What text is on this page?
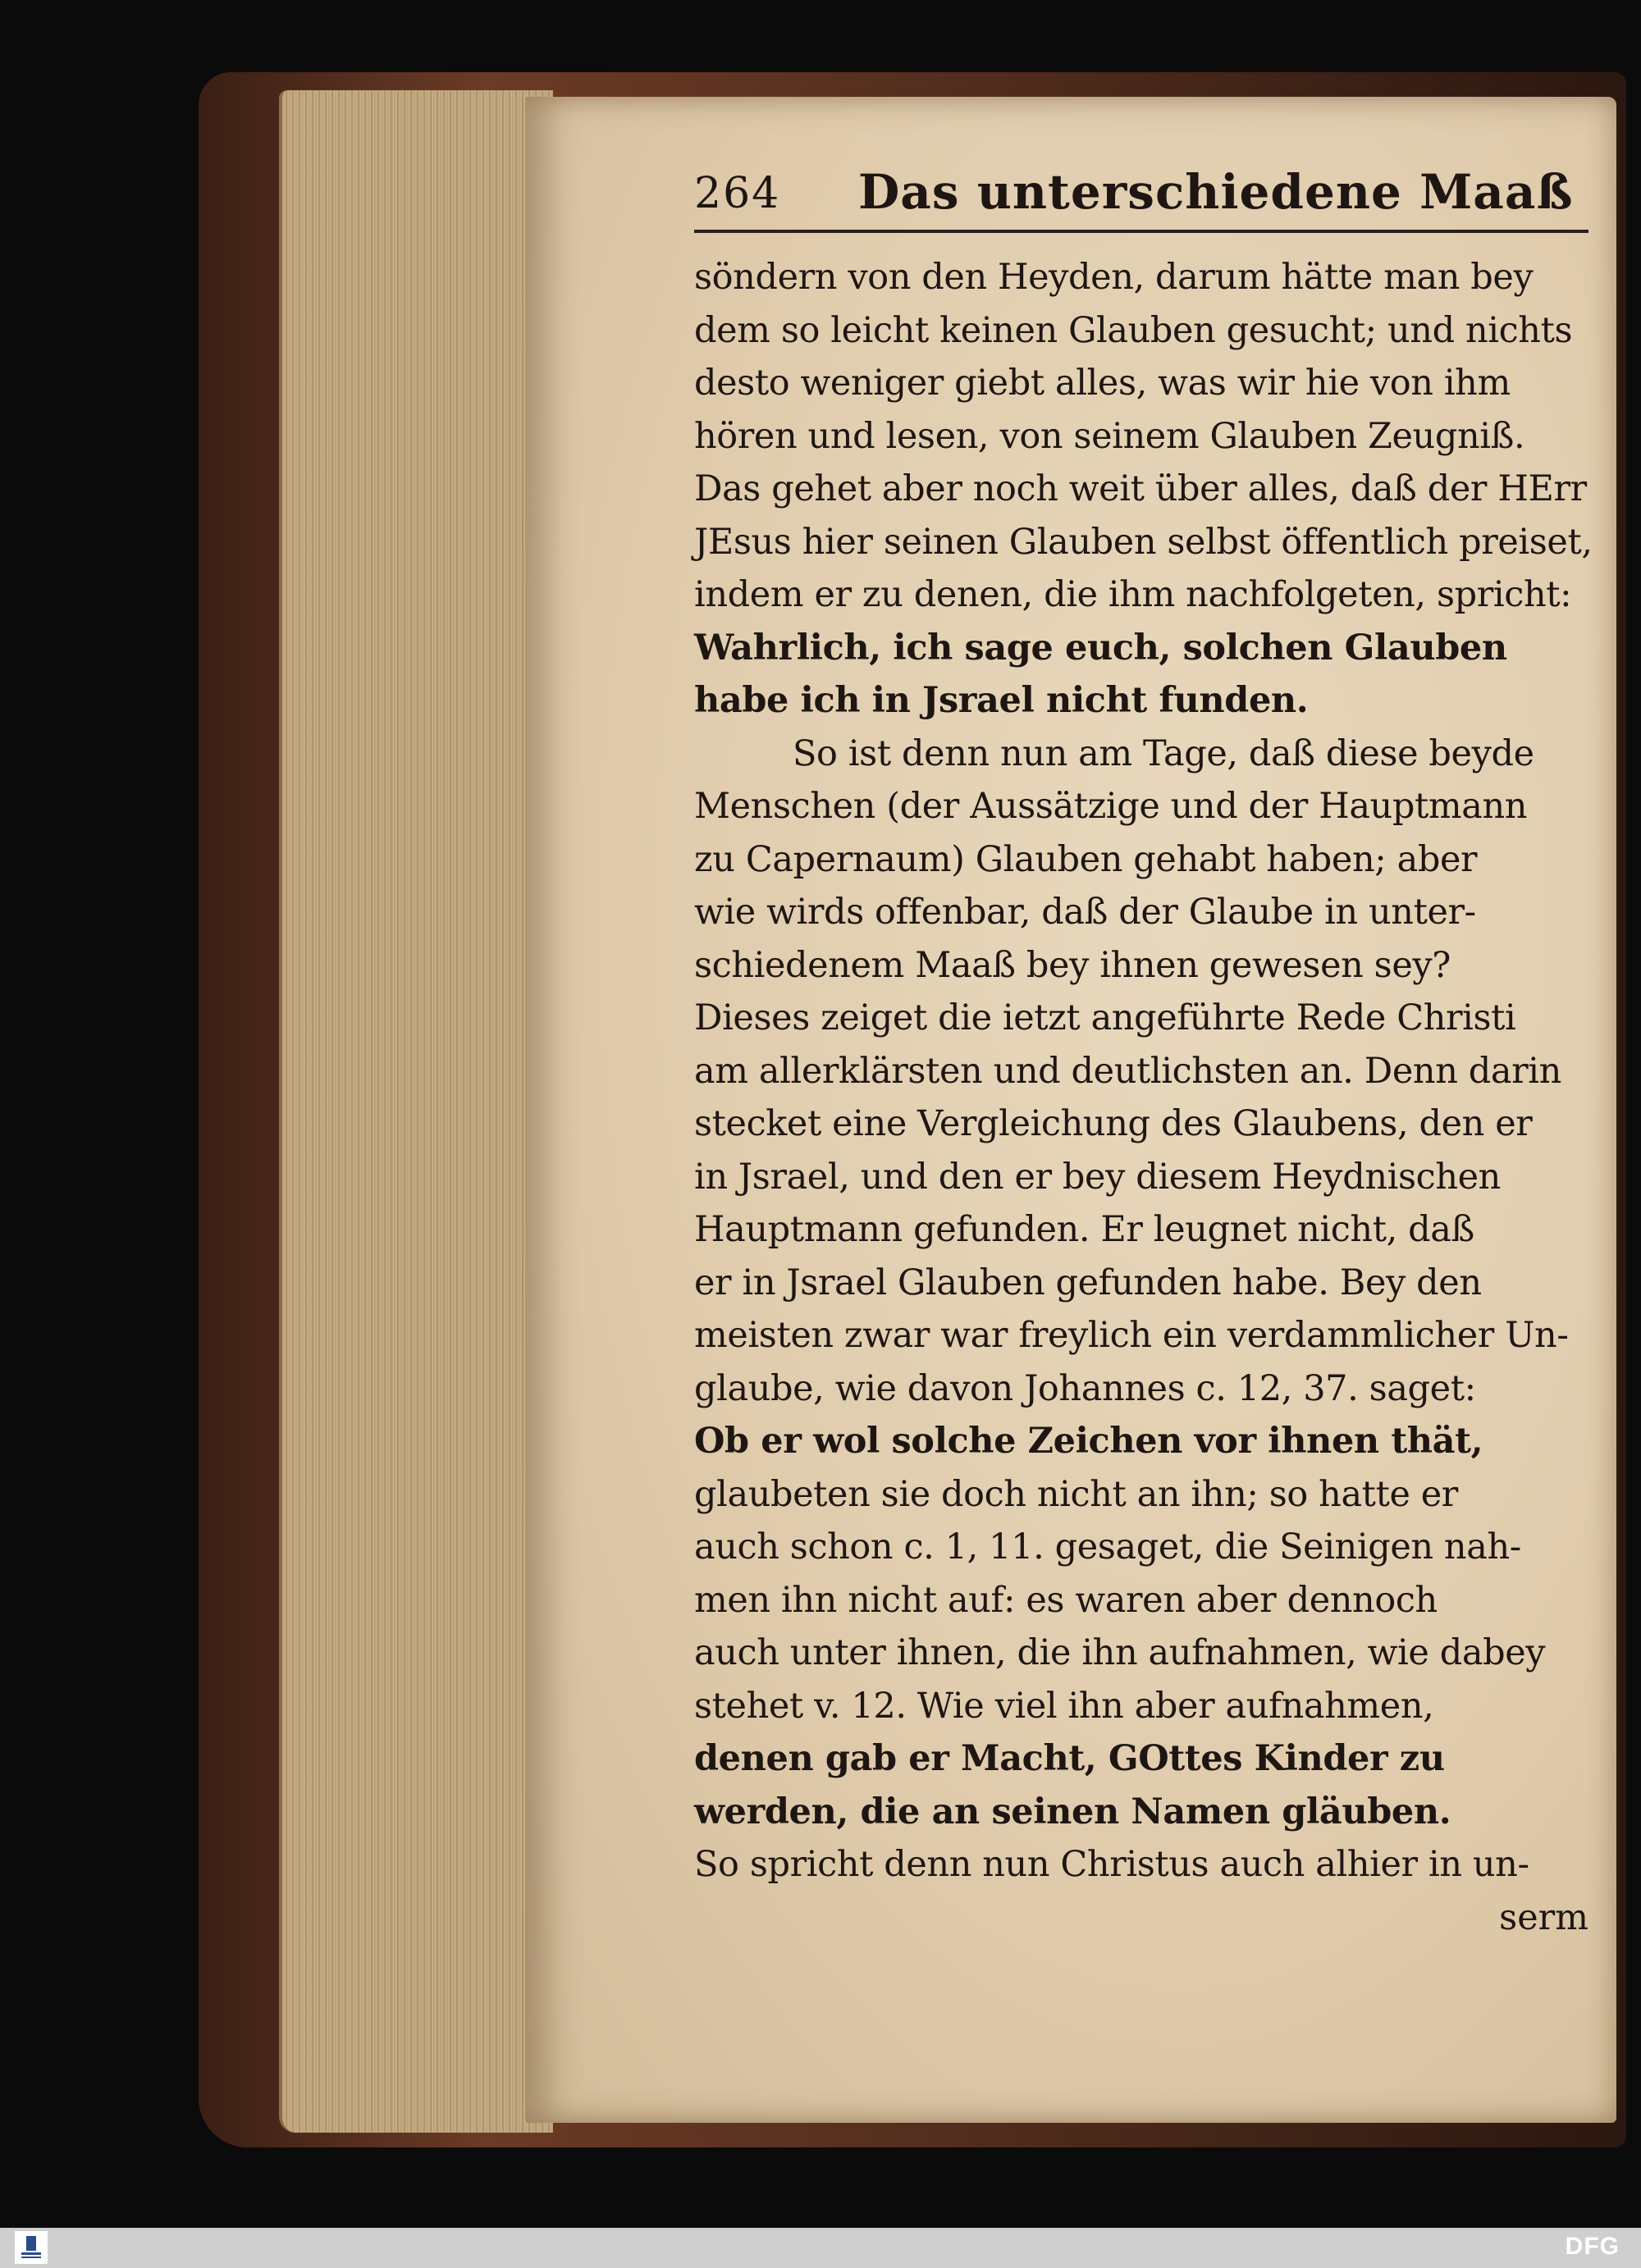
264 Das unterschiedene Maaß
söndern von den Heyden, darum hätte man bey
dem so leicht keinen Glauben gesucht; und nichts
desto weniger giebt alles, was wir hie von ihm
hören und lesen, von seinem Glauben Zeugniß.
Das gehet aber noch weit über alles, daß der HErr
JEsus hier seinen Glauben selbst öffentlich preiset,
indem er zu denen, die ihm nachfolgeten, spricht:
Wahrlich, ich sage euch, solchen Glauben
habe ich in Jsrael nicht funden.
So ist denn nun am Tage, daß diese beyde
Menschen (der Aussätzige und der Hauptmann
zu Capernaum) Glauben gehabt haben; aber
wie wirds offenbar, daß der Glaube in unter-
schiedenem Maaß bey ihnen gewesen sey?
Dieses zeiget die ietzt angeführte Rede Christi
am allerklärsten und deutlichsten an. Denn darin
stecket eine Vergleichung des Glaubens, den er
in Jsrael, und den er bey diesem Heydnischen
Hauptmann gefunden. Er leugnet nicht, daß
er in Jsrael Glauben gefunden habe. Bey den
meisten zwar war freylich ein verdammlicher Un-
glaube, wie davon Johannes c. 12, 37. saget:
Ob er wol solche Zeichen vor ihnen thät,
glaubeten sie doch nicht an ihn; so hatte er
auch schon c. 1, 11. gesaget, die Seinigen nah-
men ihn nicht auf: es waren aber dennoch
auch unter ihnen, die ihn aufnahmen, wie dabey
stehet v. 12. Wie viel ihn aber aufnahmen,
denen gab er Macht, GOttes Kinder zu
werden, die an seinen Namen gläuben.
So spricht denn nun Christus auch alhier in un-
serm
DFG
